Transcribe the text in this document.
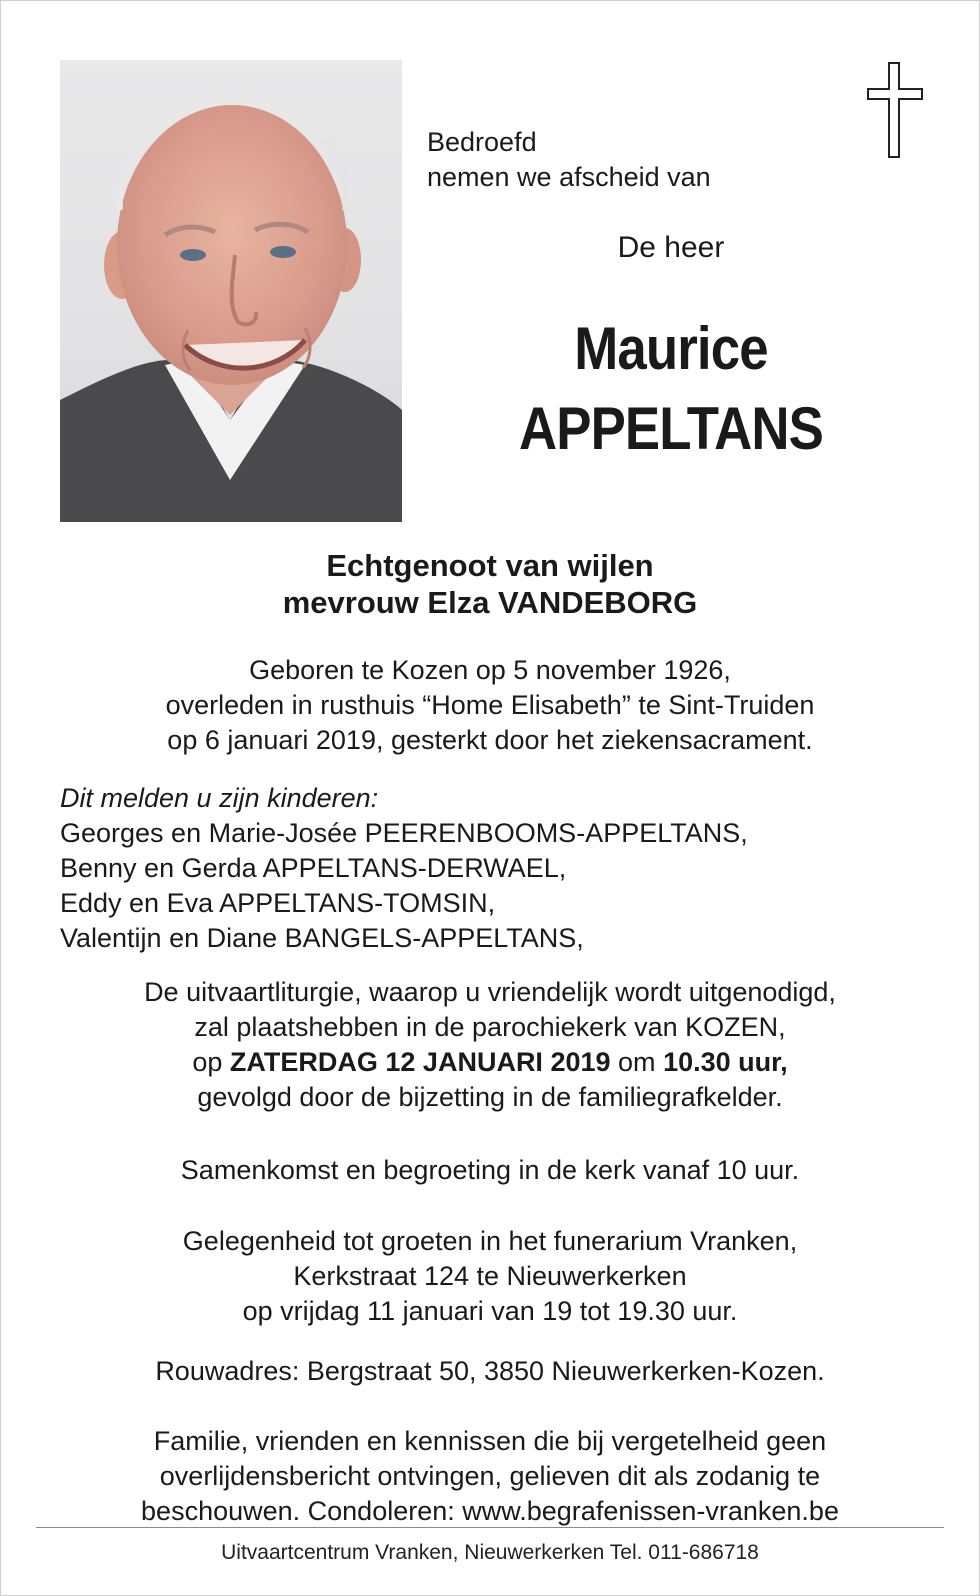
Bedroefd
nemen we afscheid van
De heer
Maurice
APPELTANS
Echtgenoot van wijlen
mevrouw Elza VANDEBORG
Geboren te Kozen op 5 november 1926,
overleden in rusthuis “Home Elisabeth” te Sint-Truiden
op 6 januari 2019, gesterkt door het ziekensacrament.
Dit melden u zijn kinderen:
Georges en Marie-Josée PEERENBOOMS-APPELTANS,
Benny en Gerda APPELTANS-DERWAEL,
Eddy en Eva APPELTANS-TOMSIN,
Valentijn en Diane BANGELS-APPELTANS,
De uitvaartliturgie, waarop u vriendelijk wordt uitgenodigd,
zal plaatshebben in de parochiekerk van KOZEN,
op ZATERDAG 12 JANUARI 2019 om 10.30 uur,
gevolgd door de bijzetting in de familiegrafkelder.
Samenkomst en begroeting in de kerk vanaf 10 uur.
Gelegenheid tot groeten in het funerarium Vranken,
Kerkstraat 124 te Nieuwerkerken
op vrijdag 11 januari van 19 tot 19.30 uur.
Rouwadres: Bergstraat 50, 3850 Nieuwerkerken-Kozen.
Familie, vrienden en kennissen die bij vergetelheid geen
overlijdensbericht ontvingen, gelieven dit als zodanig te
beschouwen. Condoleren: www.begrafenissen-vranken.be
Uitvaartcentrum Vranken, Nieuwerkerken Tel. 011-686718
